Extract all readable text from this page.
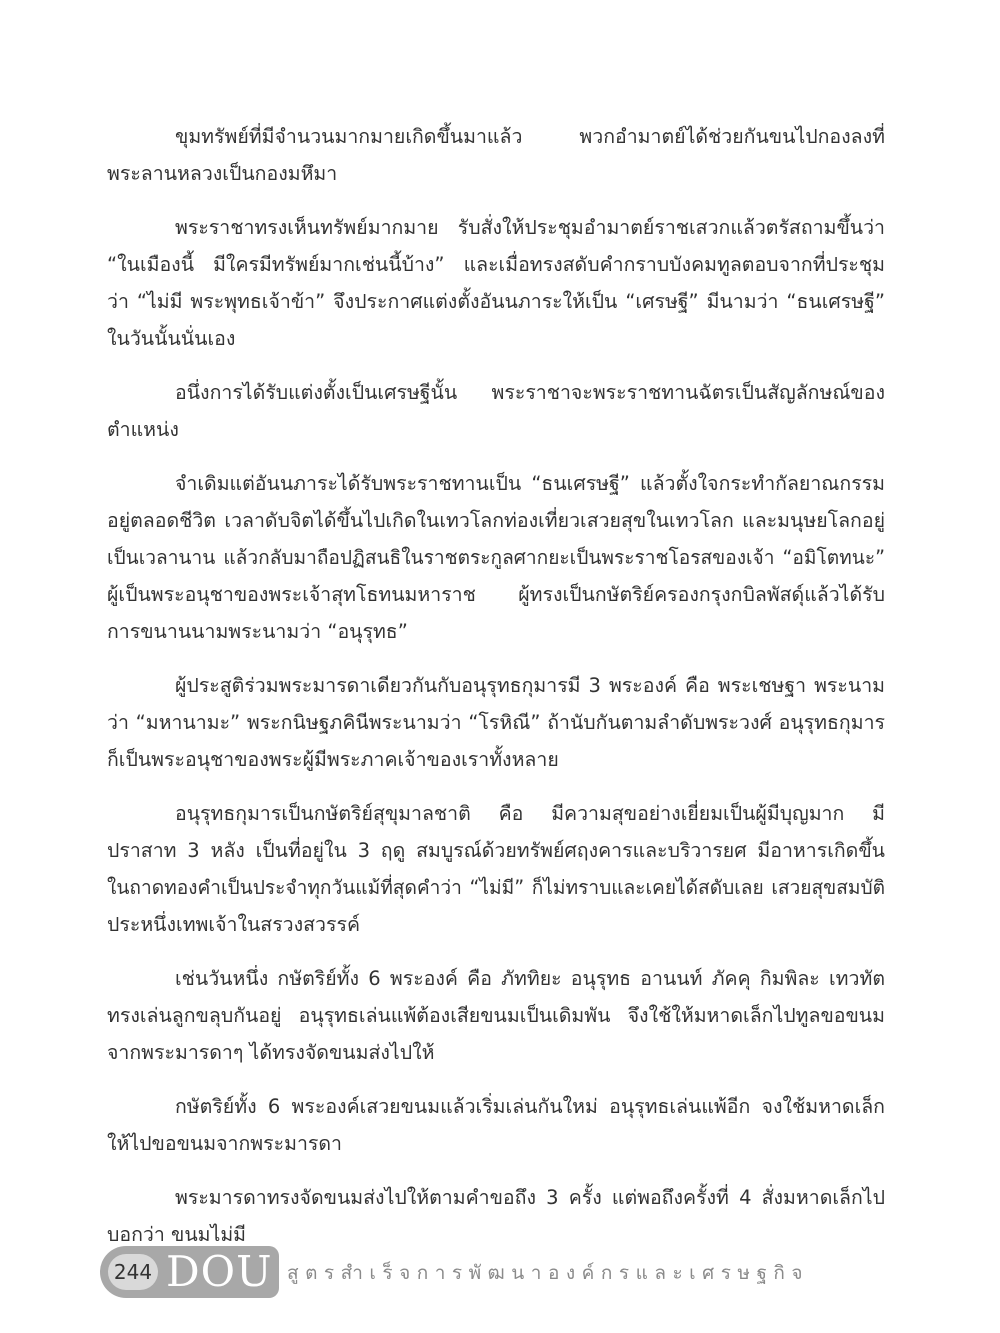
ขุมทรัพย์ที่มีจำนวนมากมายเกิดขึ้นมาแล้ว พวกอำมาตย์ได้ช่วยกันขนไปกองลงที่
พระลานหลวงเป็นกองมหึมา

พระราชาทรงเห็นทรัพย์มากมาย รับสั่งให้ประชุมอำมาตย์ราชเสวกแล้วตรัสถามขึ้นว่า
“ในเมืองนี้ มีใครมีทรัพย์มากเช่นนี้บ้าง” และเมื่อทรงสดับคำกราบบังคมทูลตอบจากที่ประชุม
ว่า “ไม่มี พระพุทธเจ้าข้า” จึงประกาศแต่งตั้งอันนภาระให้เป็น “เศรษฐี” มีนามว่า “ธนเศรษฐี”
ในวันนั้นนั่นเอง

อนึ่งการได้รับแต่งตั้งเป็นเศรษฐีนั้น พระราชาจะพระราชทานฉัตรเป็นสัญลักษณ์ของ
ตำแหน่ง

จำเดิมแต่อันนภาระได้รับพระราชทานเป็น “ธนเศรษฐี” แล้วตั้งใจกระทำกัลยาณกรรม
อยู่ตลอดชีวิต เวลาดับจิตได้ขึ้นไปเกิดในเทวโลกท่องเที่ยวเสวยสุขในเทวโลก และมนุษยโลกอยู่
เป็นเวลานาน แล้วกลับมาถือปฏิสนธิในราชตระกูลศากยะเป็นพระราชโอรสของเจ้า “อมิโตทนะ”
ผู้เป็นพระอนุชาของพระเจ้าสุทโธทนมหาราช ผู้ทรงเป็นกษัตริย์ครองกรุงกบิลพัสดุ์แล้วได้รับ
การขนานนามพระนามว่า “อนุรุทธ”

ผู้ประสูติร่วมพระมารดาเดียวกันกับอนุรุทธกุมารมี 3 พระองค์ คือ พระเชษฐา พระนาม
ว่า “มหานามะ” พระกนิษฐภคินีพระนามว่า “โรหิณี” ถ้านับกันตามลำดับพระวงศ์ อนุรุทธกุมาร
ก็เป็นพระอนุชาของพระผู้มีพระภาคเจ้าของเราทั้งหลาย

อนุรุทธกุมารเป็นกษัตริย์สุขุมาลชาติ คือ มีความสุขอย่างเยี่ยมเป็นผู้มีบุญมาก มี
ปราสาท 3 หลัง เป็นที่อยู่ใน 3 ฤดู สมบูรณ์ด้วยทรัพย์ศฤงคารและบริวารยศ มีอาหารเกิดขึ้น
ในถาดทองคำเป็นประจำทุกวันแม้ที่สุดคำว่า “ไม่มี” ก็ไม่ทราบและเคยได้สดับเลย เสวยสุขสมบัติ
ประหนึ่งเทพเจ้าในสรวงสวรรค์

เช่นวันหนึ่ง กษัตริย์ทั้ง 6 พระองค์ คือ ภัททิยะ อนุรุทธ อานนท์ ภัคคุ กิมพิละ เทวทัต
ทรงเล่นลูกขลุบกันอยู่ อนุรุทธเล่นแพ้ต้องเสียขนมเป็นเดิมพัน จึงใช้ให้มหาดเล็กไปทูลขอขนม
จากพระมารดาๆ ได้ทรงจัดขนมส่งไปให้

กษัตริย์ทั้ง 6 พระองค์เสวยขนมแล้วเริ่มเล่นกันใหม่ อนุรุทธเล่นแพ้อีก จงใช้มหาดเล็ก
ให้ไปขอขนมจากพระมารดา

พระมารดาทรงจัดขนมส่งไปให้ตามคำขอถึง 3 ครั้ง แต่พอถึงครั้งที่ 4 สั่งมหาดเล็กไป
บอกว่า ขนมไม่มี

244 DOU สูตรสำเร็จการพัฒนาองค์กรและเศรษฐกิจ
